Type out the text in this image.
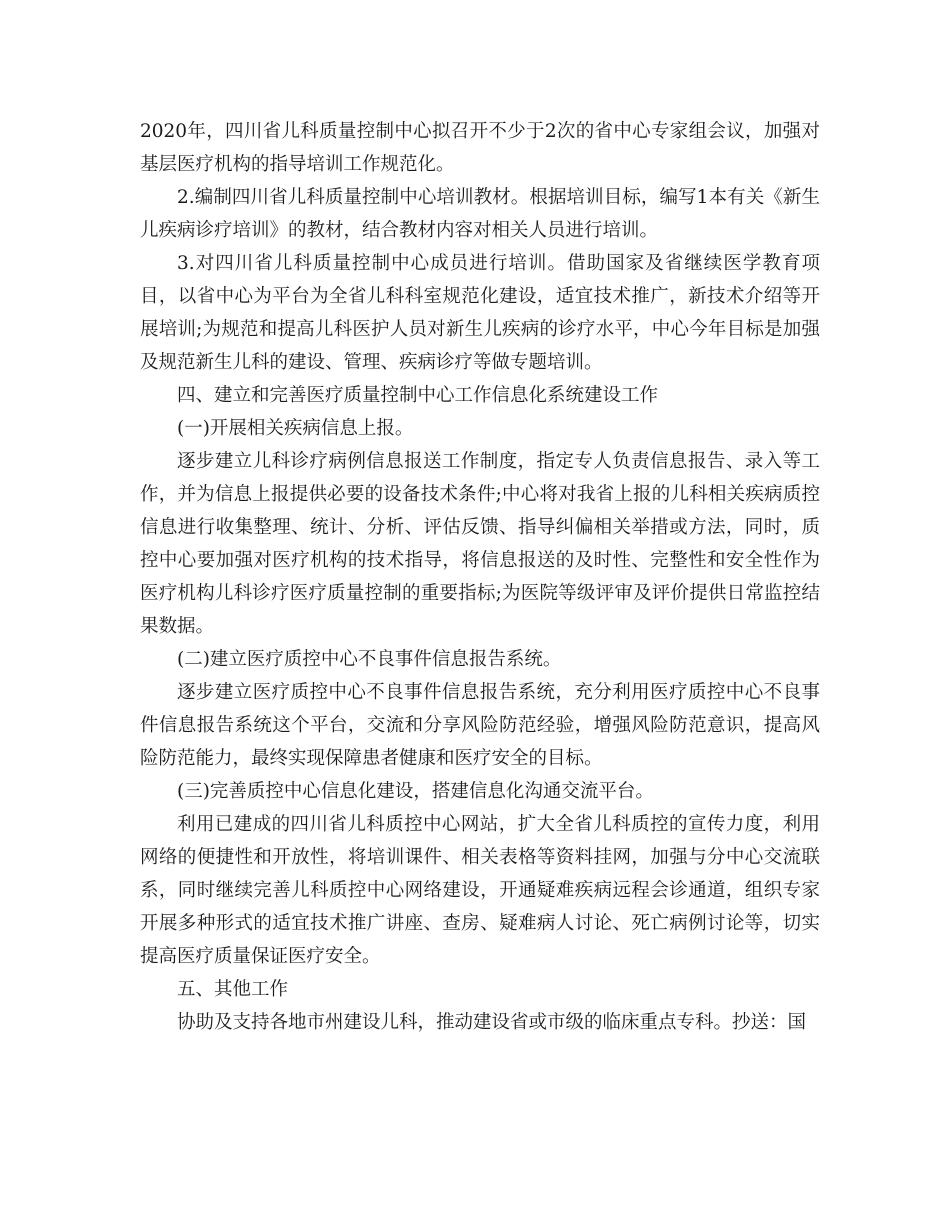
2020年，四川省儿科质量控制中心拟召开不少于2次的省中心专家组会议，加强对基层医疗机构的指导培训工作规范化。

2.编制四川省儿科质量控制中心培训教材。根据培训目标，编写1本有关《新生儿疾病诊疗培训》的教材，结合教材内容对相关人员进行培训。

3.对四川省儿科质量控制中心成员进行培训。借助国家及省继续医学教育项目，以省中心为平台为全省儿科科室规范化建设，适宜技术推广，新技术介绍等开展培训;为规范和提高儿科医护人员对新生儿疾病的诊疗水平，中心今年目标是加强及规范新生儿科的建设、管理、疾病诊疗等做专题培训。

四、建立和完善医疗质量控制中心工作信息化系统建设工作

(一)开展相关疾病信息上报。

逐步建立儿科诊疗病例信息报送工作制度，指定专人负责信息报告、录入等工作，并为信息上报提供必要的设备技术条件;中心将对我省上报的儿科相关疾病质控信息进行收集整理、统计、分析、评估反馈、指导纠偏相关举措或方法，同时，质控中心要加强对医疗机构的技术指导，将信息报送的及时性、完整性和安全性作为医疗机构儿科诊疗医疗质量控制的重要指标;为医院等级评审及评价提供日常监控结果数据。

(二)建立医疗质控中心不良事件信息报告系统。

逐步建立医疗质控中心不良事件信息报告系统，充分利用医疗质控中心不良事件信息报告系统这个平台，交流和分享风险防范经验，增强风险防范意识，提高风险防范能力，最终实现保障患者健康和医疗安全的目标。

(三)完善质控中心信息化建设，搭建信息化沟通交流平台。

利用已建成的四川省儿科质控中心网站，扩大全省儿科质控的宣传力度，利用网络的便捷性和开放性，将培训课件、相关表格等资料挂网，加强与分中心交流联系，同时继续完善儿科质控中心网络建设，开通疑难疾病远程会诊通道，组织专家开展多种形式的适宜技术推广讲座、查房、疑难病人讨论、死亡病例讨论等，切实提高医疗质量保证医疗安全。

五、其他工作

协助及支持各地市州建设儿科，推动建设省或市级的临床重点专科。抄送：国
